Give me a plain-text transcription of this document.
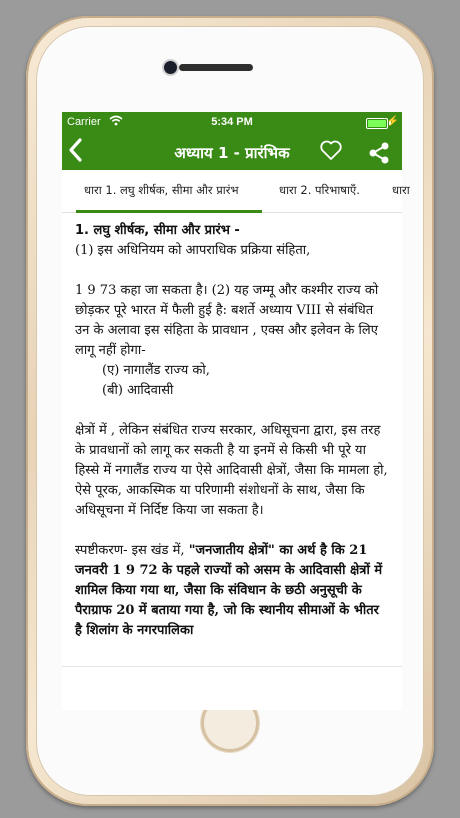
Carrier	5:34 PM	⚡
अध्याय 1 - प्रारंभिक
धारा 1. लघु शीर्षक, सीमा और प्रारंभ	धारा 2. परिभाषाएँ.	धारा

1. लघु शीर्षक, सीमा और प्रारंभ -

(1) इस अधिनियम को आपराधिक प्रक्रिया संहिता,

1 9 73 कहा जा सकता है। (2) यह जम्मू और कश्मीर राज्य को छोड़कर पूरे भारत में फैली हुई है: बशर्ते अध्याय VIII से संबंधित उन के अलावा इस संहिता के प्रावधान , एक्स और इलेवन के लिए लागू नहीं होगा-

(ए) नागालैंड राज्य को,

(बी) आदिवासी

क्षेत्रों में , लेकिन संबंधित राज्य सरकार, अधिसूचना द्वारा, इस तरह के प्रावधानों को लागू कर सकती है या इनमें से किसी भी पूरे या हिस्से में नगालैंड राज्य या ऐसे आदिवासी क्षेत्रों, जैसा कि मामला हो, ऐसे पूरक, आकस्मिक या परिणामी संशोधनों के साथ, जैसा कि अधिसूचना में निर्दिष्ट किया जा सकता है।

स्पष्टीकरण- इस खंड में, "जनजातीय क्षेत्रों" का अर्थ है कि 21 जनवरी 1 9 72 के पहले राज्यों को असम के आदिवासी क्षेत्रों में शामिल किया गया था, जैसा कि संविधान के छठी अनुसूची के पैराग्राफ 20 में बताया गया है, जो कि स्थानीय सीमाओं के भीतर है शिलांग के नगरपालिका
